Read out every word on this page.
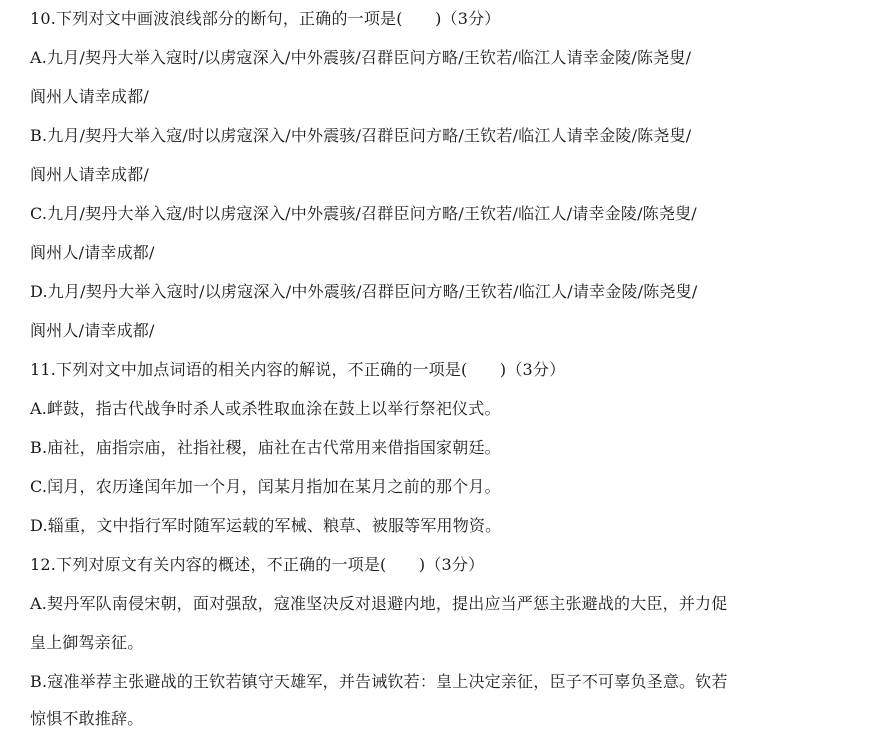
10.下列对文中画波浪线部分的断句，正确的一项是(　　)（3分）
A.九月/契丹大举入寇时/以虏寇深入/中外震骇/召群臣问方略/王钦若/临江人请幸金陵/陈尧叟/
阆州人请幸成都/
B.九月/契丹大举入寇/时以虏寇深入/中外震骇/召群臣问方略/王钦若/临江人请幸金陵/陈尧叟/
阆州人请幸成都/
C.九月/契丹大举入寇/时以虏寇深入/中外震骇/召群臣问方略/王钦若/临江人/请幸金陵/陈尧叟/
阆州人/请幸成都/
D.九月/契丹大举入寇时/以虏寇深入/中外震骇/召群臣问方略/王钦若/临江人/请幸金陵/陈尧叟/
阆州人/请幸成都/
11.下列对文中加点词语的相关内容的解说，不正确的一项是(　　)（3分）
A.衅鼓，指古代战争时杀人或杀牲取血涂在鼓上以举行祭祀仪式。
B.庙社，庙指宗庙，社指社稷，庙社在古代常用来借指国家朝廷。
C.闰月，农历逢闰年加一个月，闰某月指加在某月之前的那个月。
D.辎重，文中指行军时随军运载的军械、粮草、被服等军用物资。
12.下列对原文有关内容的概述，不正确的一项是(　　)（3分）
A.契丹军队南侵宋朝，面对强敌，寇准坚决反对退避内地，提出应当严惩主张避战的大臣，并力促
皇上御驾亲征。
B.寇准举荐主张避战的王钦若镇守天雄军，并告诫钦若：皇上决定亲征，臣子不可辜负圣意。钦若
惊惧不敢推辞。
